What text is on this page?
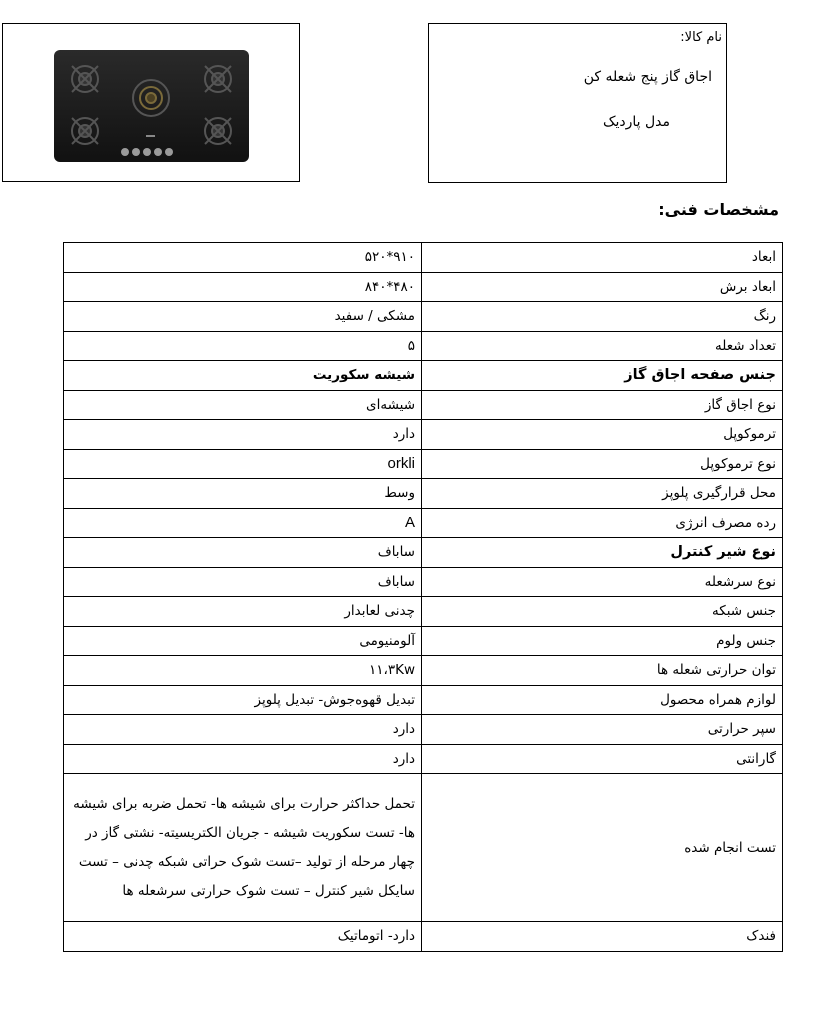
نام کالا:
اجاق گاز پنج شعله کن
مدل پاردیک
مشخصات فنی:
ابعاد	۹۱۰*۵۲۰
ابعاد برش	۴۸۰*۸۴۰
رنگ	مشکی / سفید
تعداد شعله	۵
جنس صفحه اجاق گاز	شیشه سکوریت
نوع اجاق گاز	شیشه‌ای
ترموکوپل	دارد
نوع ترموکوپل	orkli
محل قرارگیری پلوپز	وسط
رده مصرف انرژی	A
نوع شیر کنترل	ساباف
نوع سرشعله	ساباف
جنس شبکه	چدنی لعابدار
جنس ولوم	آلومنیومی
توان حرارتی شعله ها	۱۱،۳Kw
لوازم همراه محصول	تبدیل قهوه‌جوش- تبدیل پلوپز
سپر حرارتی	دارد
گارانتی	دارد
تست انجام شده	تحمل حداکثر حرارت برای شیشه ها- تحمل ضربه برای شیشه ها- تست سکوریت شیشه - جریان الکتریسیته- نشتی گاز در چهار مرحله از تولید –تست شوک حراتی شبکه چدنی – تست سایکل شیر کنترل – تست شوک حرارتی سرشعله ها
فندک	دارد- اتوماتیک
